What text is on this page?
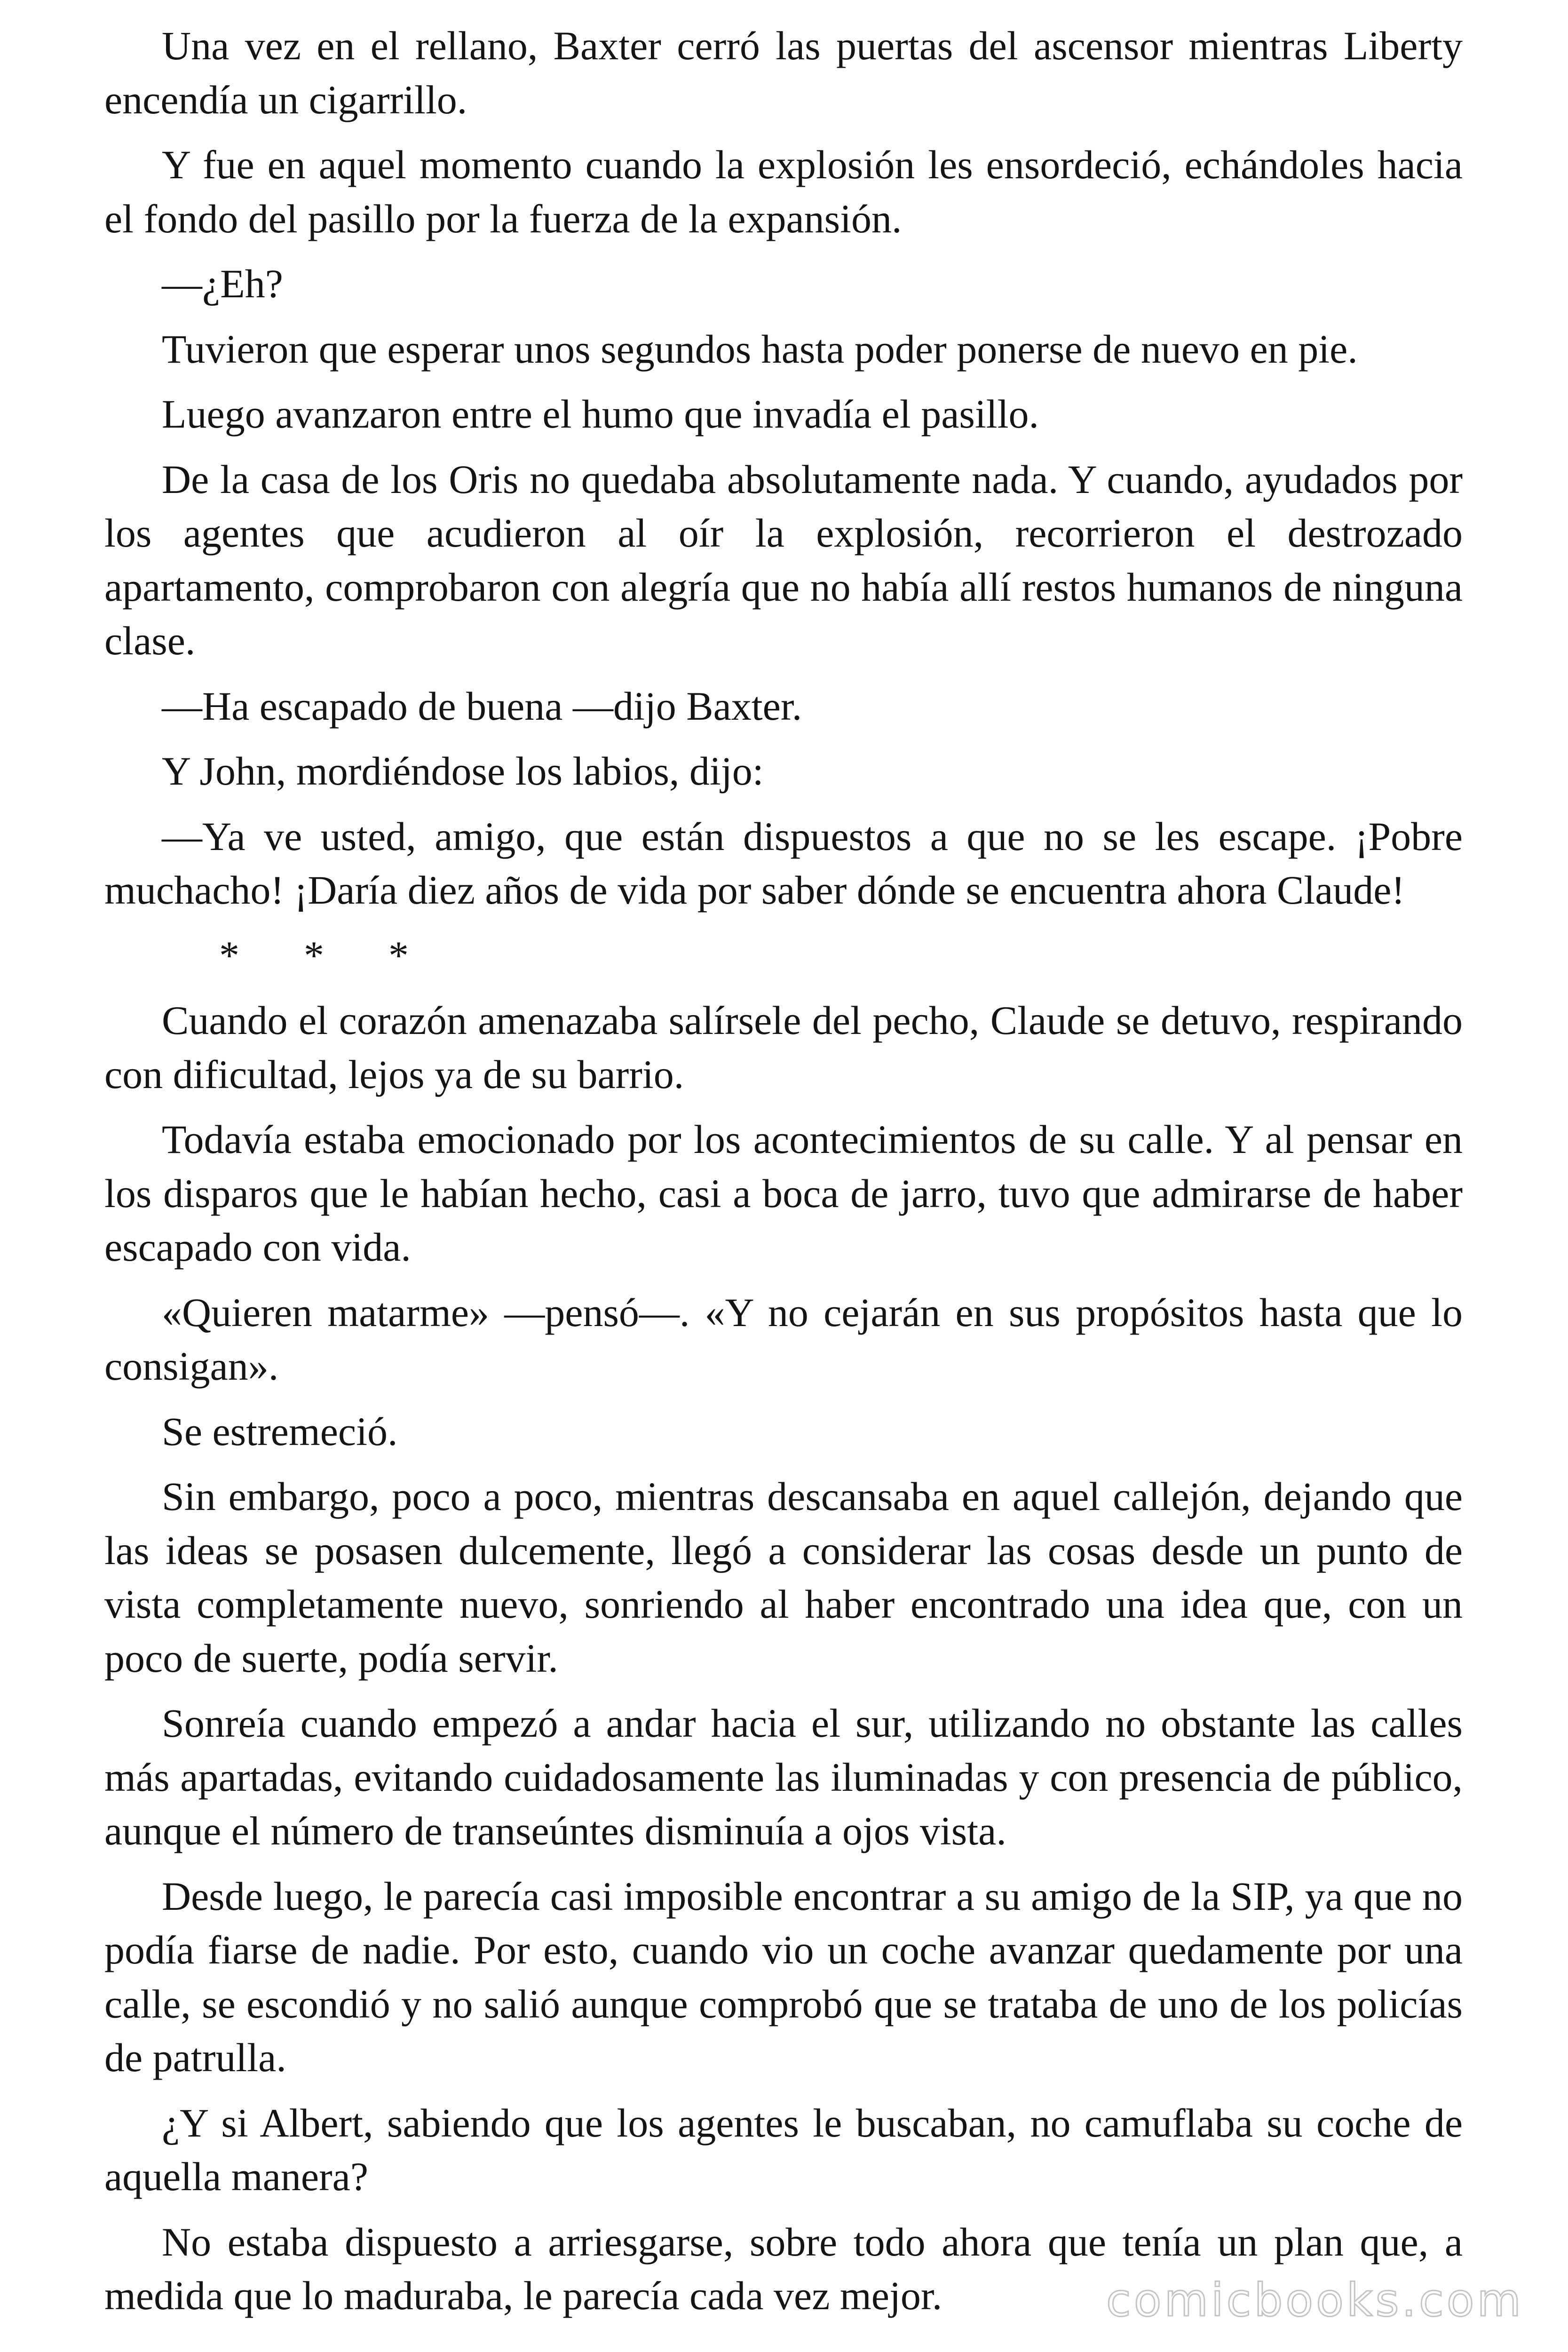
Una vez en el rellano, Baxter cerró las puertas del ascensor mientras Liberty encendía un cigarrillo.

Y fue en aquel momento cuando la explosión les ensordeció, echándoles hacia el fondo del pasillo por la fuerza de la expansión.

—¿Eh?

Tuvieron que esperar unos segundos hasta poder ponerse de nuevo en pie.

Luego avanzaron entre el humo que invadía el pasillo.

De la casa de los Oris no quedaba absolutamente nada. Y cuando, ayudados por los agentes que acudieron al oír la explosión, recorrieron el destrozado apartamento, comprobaron con alegría que no había allí restos humanos de ninguna clase.

—Ha escapado de buena —dijo Baxter.

Y John, mordiéndose los labios, dijo:

—Ya ve usted, amigo, que están dispuestos a que no se les escape. ¡Pobre muchacho! ¡Daría diez años de vida por saber dónde se encuentra ahora Claude!

* * *

Cuando el corazón amenazaba salírsele del pecho, Claude se detuvo, respirando con dificultad, lejos ya de su barrio.

Todavía estaba emocionado por los acontecimientos de su calle. Y al pensar en los disparos que le habían hecho, casi a boca de jarro, tuvo que admirarse de haber escapado con vida.

«Quieren matarme» —pensó—. «Y no cejarán en sus propósitos hasta que lo consigan».

Se estremeció.

Sin embargo, poco a poco, mientras descansaba en aquel callejón, dejando que las ideas se posasen dulcemente, llegó a considerar las cosas desde un punto de vista completamente nuevo, sonriendo al haber encontrado una idea que, con un poco de suerte, podía servir.

Sonreía cuando empezó a andar hacia el sur, utilizando no obstante las calles más apartadas, evitando cuidadosamente las iluminadas y con presencia de público, aunque el número de transeúntes disminuía a ojos vista.

Desde luego, le parecía casi imposible encontrar a su amigo de la SIP, ya que no podía fiarse de nadie. Por esto, cuando vio un coche avanzar quedamente por una calle, se escondió y no salió aunque comprobó que se trataba de uno de los policías de patrulla.

¿Y si Albert, sabiendo que los agentes le buscaban, no camuflaba su coche de aquella manera?

No estaba dispuesto a arriesgarse, sobre todo ahora que tenía un plan que, a medida que lo maduraba, le parecía cada vez mejor.	comicbooks.com
